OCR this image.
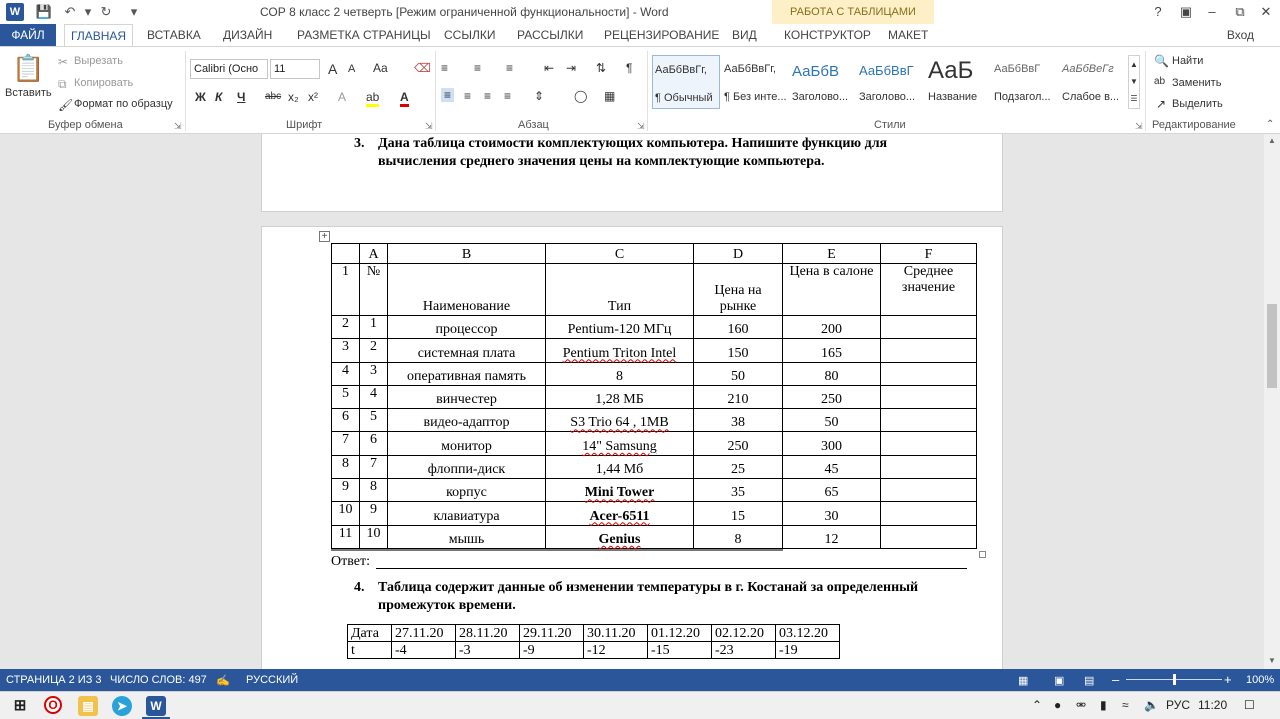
W 💾 ↶ ▾ ↻	▾	СОР 8 класс 2 четверть [Режим ограниченной функциональности] - Word	РАБОТА С ТАБЛИЦАМИ	?	▣	–	⧉	✕
ФАЙЛ	ГЛАВНАЯ	ВСТАВКА ДИЗАЙН РАЗМЕТКА СТРАНИЦЫ ССЫЛКИ РАССЫЛКИ РЕЦЕНЗИРОВАНИЕ ВИД КОНСТРУКТОР МАКЕТ	Вход
📋
Вставить
✂ Вырезать
⧉ Копировать
🖌 Формат по образцу
Буфер обмена	⇲
Calibri (Осно	11	A A Aa ⌫
Ж К Ч abc x₂ x² A ab A
Шрифт	⇲
≡ ≡ ≡	⇤ ⇥ ⇅ ¶
≡ ≡ ≡ ≡ ⇕ ◯ ▦
Абзац	⇲
АаБбВвГг,
¶ Обычный
АаБбВвГг,
¶ Без инте...
АаБбВ
Заголово...
АаБбВвГ
Заголово...
АаБ
Название
АаБбВвГ
Подзагол...
АаБбВеГг
Слабое в...
▲
▼
☰
Стили	⇲
🔍 Найти
ab Заменить
↗ Выделить
Редактирование	⌃
3. Дана таблица стоимости комплектующих компьютера. Напишите функцию для
вычисления среднего значения цены на комплектующие компьютера.
+
	A	B	C	D	E	F
1	№	Наименование	Тип	Цена на рынке	Цена в салоне	Среднее значение
2	1	процессор	Pentium-120 МГц	160	200	
3	2	системная плата	Pentium Triton Intel	150	165	
4	3	оперативная память	8	50	80	
5	4	винчестер	1,28 МБ	210	250	
6	5	видео-адаптор	S3 Trio 64 , 1MB	38	50	
7	6	монитор	14" Samsung	250	300	
8	7	флоппи-диск	1,44 Мб	25	45	
9	8	корпус	Mini Tower	35	65	
10	9	клавиатура	Acer-6511	15	30	
11	10	мышь	Genius	8	12	
Ответ:
4. Таблица содержит данные об изменении температуры в г. Костанай за определенный
промежуток времени.
Дата	27.11.20	28.11.20	29.11.20	30.11.20	01.12.20	02.12.20	03.12.20
t	-4	-3	-9	-12	-15	-23	-19
▲
▼
СТРАНИЦА 2 ИЗ 3 ЧИСЛО СЛОВ: 497 ✍ РУССКИЙ	▦ ▣ ▤ –	+ 100%
⊞	O	▤	➤	W	⌃ ● ⚮ ▮ ≈ 🔈 РУС 11:20 ☐
